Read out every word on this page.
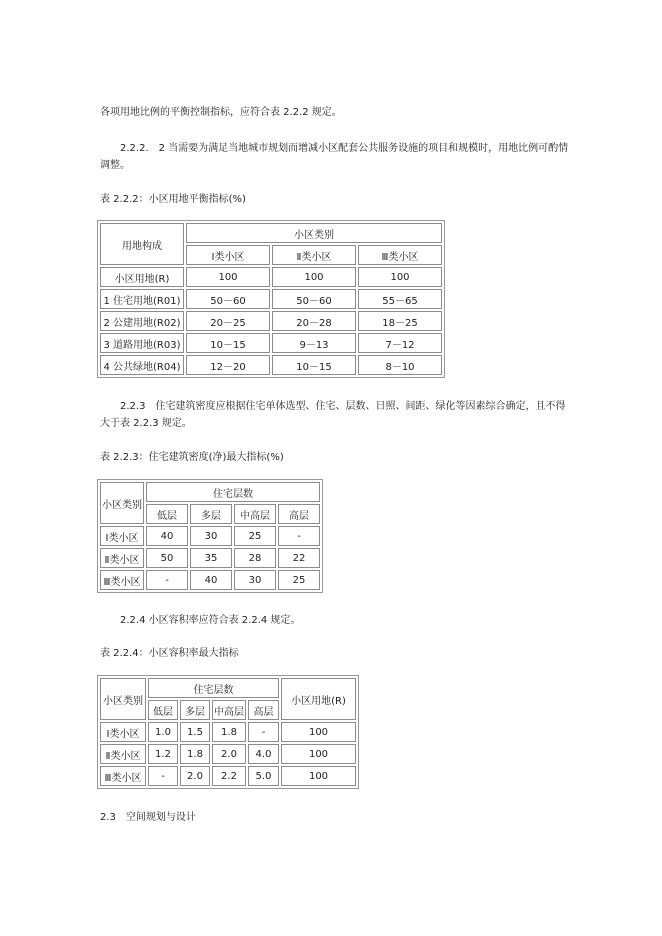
各项用地比例的平衡控制指标，应符合表 2.2.2 规定。

2.2.2.　2 当需要为满足当地城市规划而增减小区配套公共服务设施的项目和规模时，用地比例可酌情调整。

表 2.2.2：小区用地平衡指标(%)

用地构成	小区类别		
	Ⅰ类小区	Ⅱ类小区	Ⅲ类小区
小区用地(R)	100	100	100
1 住宅用地(R01)	50－60	50－60	55－65
2 公建用地(R02)	20－25	20－28	18－25
3 道路用地(R03)	10－15	9－13	7－12
4 公共绿地(R04)	12－20	10－15	8－10

2.2.3　住宅建筑密度应根据住宅单体选型、住宅、层数、日照、间距、绿化等因素综合确定，且不得大于表 2.2.3 规定。

表 2.2.3：住宅建筑密度(净)最大指标(%)

小区类别	住宅层数			
	低层	多层	中高层	高层
Ⅰ类小区	40	30	25	-
Ⅱ类小区	50	35	28	22
Ⅲ类小区	-	40	30	25

2.2.4 小区容积率应符合表 2.2.4 规定。

表 2.2.4：小区容积率最大指标

小区类别	住宅层数				小区用地(R)
	低层	多层	中高层	高层	
Ⅰ类小区	1.0	1.5	1.8	-	100
Ⅱ类小区	1.2	1.8	2.0	4.0	100
Ⅲ类小区	-	2.0	2.2	5.0	100

2.3　空间规划与设计
